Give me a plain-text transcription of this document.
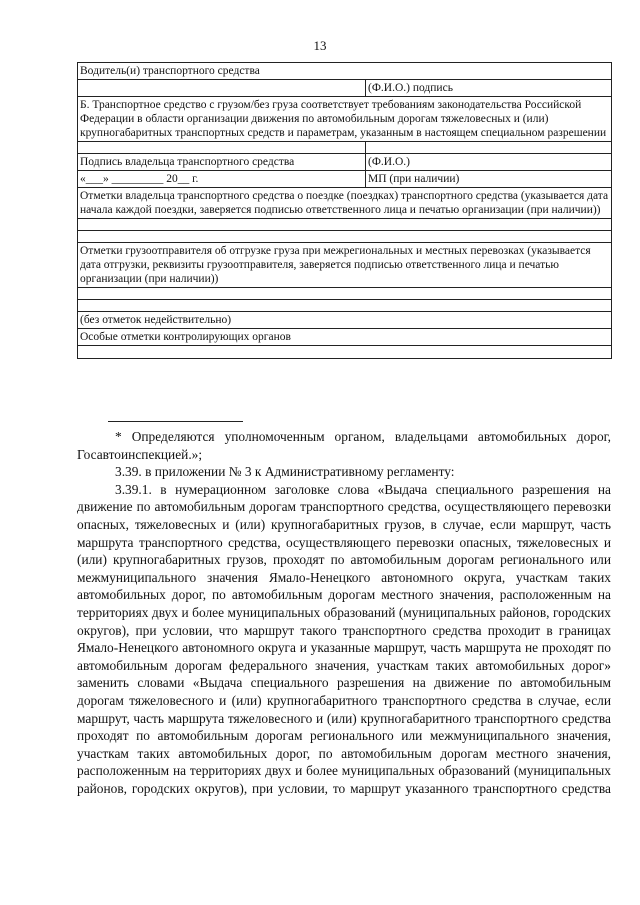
13
Водитель(и) транспортного средства	
	(Ф.И.О.) подпись
Б. Транспортное средство с грузом/без груза соответствует требованиям законодательства Российской Федерации в области организации движения по автомобильным дорогам тяжеловесных и (или) крупногабаритных транспортных средств и параметрам, указанным в настоящем специальном разрешении	

Подпись владельца транспортного средства	(Ф.И.О.)
«___» _________ 20__ г.	МП (при наличии)
Отметки владельца транспортного средства о поездке (поездках) транспортного средства (указывается дата начала каждой поездки, заверяется подписью ответственного лица и печатью организации (при наличии))	

Отметки грузоотправителя об отгрузке груза при межрегиональных и местных перевозках (указывается дата отгрузки, реквизиты грузоотправителя, заверяется подписью ответственного лица и печатью организации (при наличии))	

(без отметок недействительно)	
Особые отметки контролирующих органов	

* Определяются уполномоченным органом, владельцами автомобильных дорог, Госавтоинспекцией.»;

3.39. в приложении № 3 к Административному регламенту:

3.39.1. в нумерационном заголовке слова «Выдача специального разрешения на движение по автомобильным дорогам транспортного средства, осуществляющего перевозки опасных, тяжеловесных и (или) крупногабаритных грузов, в случае, если маршрут, часть маршрута транспортного средства, осуществляющего перевозки опасных, тяжеловесных и (или) крупногабаритных грузов, проходят по автомобильным дорогам регионального или межмуниципального значения Ямало-Ненецкого автономного округа, участкам таких автомобильных дорог, по автомобильным дорогам местного значения, расположенным на территориях двух и более муниципальных образований (муниципальных районов, городских округов), при условии, что маршрут такого транспортного средства проходит в границах Ямало-Ненецкого автономного округа и указанные маршрут, часть маршрута не проходят по автомобильным дорогам федерального значения, участкам таких автомобильных дорог» заменить словами «Выдача специального разрешения на движение по автомобильным дорогам тяжеловесного и (или) крупногабаритного транспортного средства в случае, если маршрут, часть маршрута тяжеловесного и (или) крупногабаритного транспортного средства проходят по автомобильным дорогам регионального или межмуниципального значения, участкам таких автомобильных дорог, по автомобильным дорогам местного значения, расположенным на территориях двух и более муниципальных образований (муниципальных районов, городских округов), при условии, то маршрут указанного транспортного средства
